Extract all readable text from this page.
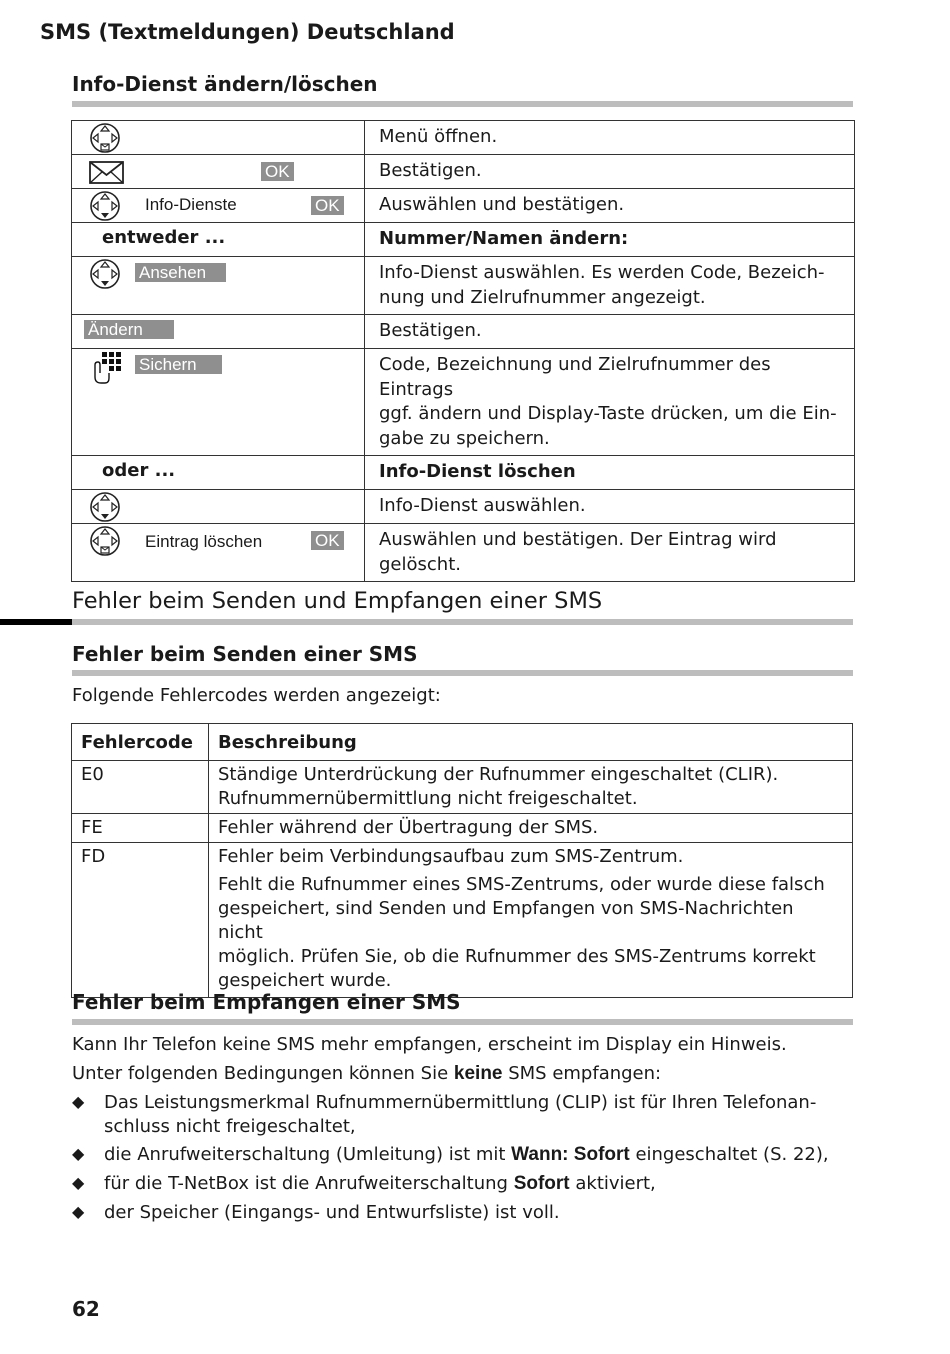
SMS (Textmeldungen) Deutschland
Info-Dienst ändern/löschen
	Menü öffnen.

OK	Bestätigen.

Info-Dienste OK	Auswählen und bestätigen.

entweder ...	Nummer/Namen ändern:

Ansehen	Info-Dienst auswählen. Es werden Code, Bezeich-
nung und Zielrufnummer angezeigt.

Ändern	Bestätigen.

Sichern	Code, Bezeichnung und Zielrufnummer des Eintrags
ggf. ändern und Display-Taste drücken, um die Ein-
gabe zu speichern.

oder ...	Info-Dienst löschen

	Info-Dienst auswählen.

Eintrag löschen OK	Auswählen und bestätigen. Der Eintrag wird
gelöscht.
Fehler beim Senden und Empfangen einer SMS
Fehler beim Senden einer SMS
Folgende Fehlercodes werden angezeigt:
Fehlercode	Beschreibung
E0	Ständige Unterdrückung der Rufnummer eingeschaltet (CLIR).
Rufnummernübermittlung nicht freigeschaltet.
FE	Fehler während der Übertragung der SMS.
FD	Fehler beim Verbindungsaufbau zum SMS-Zentrum.
Fehlt die Rufnummer eines SMS-Zentrums, oder wurde diese falsch
gespeichert, sind Senden und Empfangen von SMS-Nachrichten nicht
möglich. Prüfen Sie, ob die Rufnummer des SMS-Zentrums korrekt
gespeichert wurde.
Fehler beim Empfangen einer SMS
Kann Ihr Telefon keine SMS mehr empfangen, erscheint im Display ein Hinweis.
Unter folgenden Bedingungen können Sie keine SMS empfangen:
◆ Das Leistungsmerkmal Rufnummernübermittlung (CLIP) ist für Ihren Telefonan-
schluss nicht freigeschaltet,
◆ die Anrufweiterschaltung (Umleitung) ist mit Wann: Sofort eingeschaltet (S. 22),
◆ für die T-NetBox ist die Anrufweiterschaltung Sofort aktiviert,
◆ der Speicher (Eingangs- und Entwurfsliste) ist voll.
62
